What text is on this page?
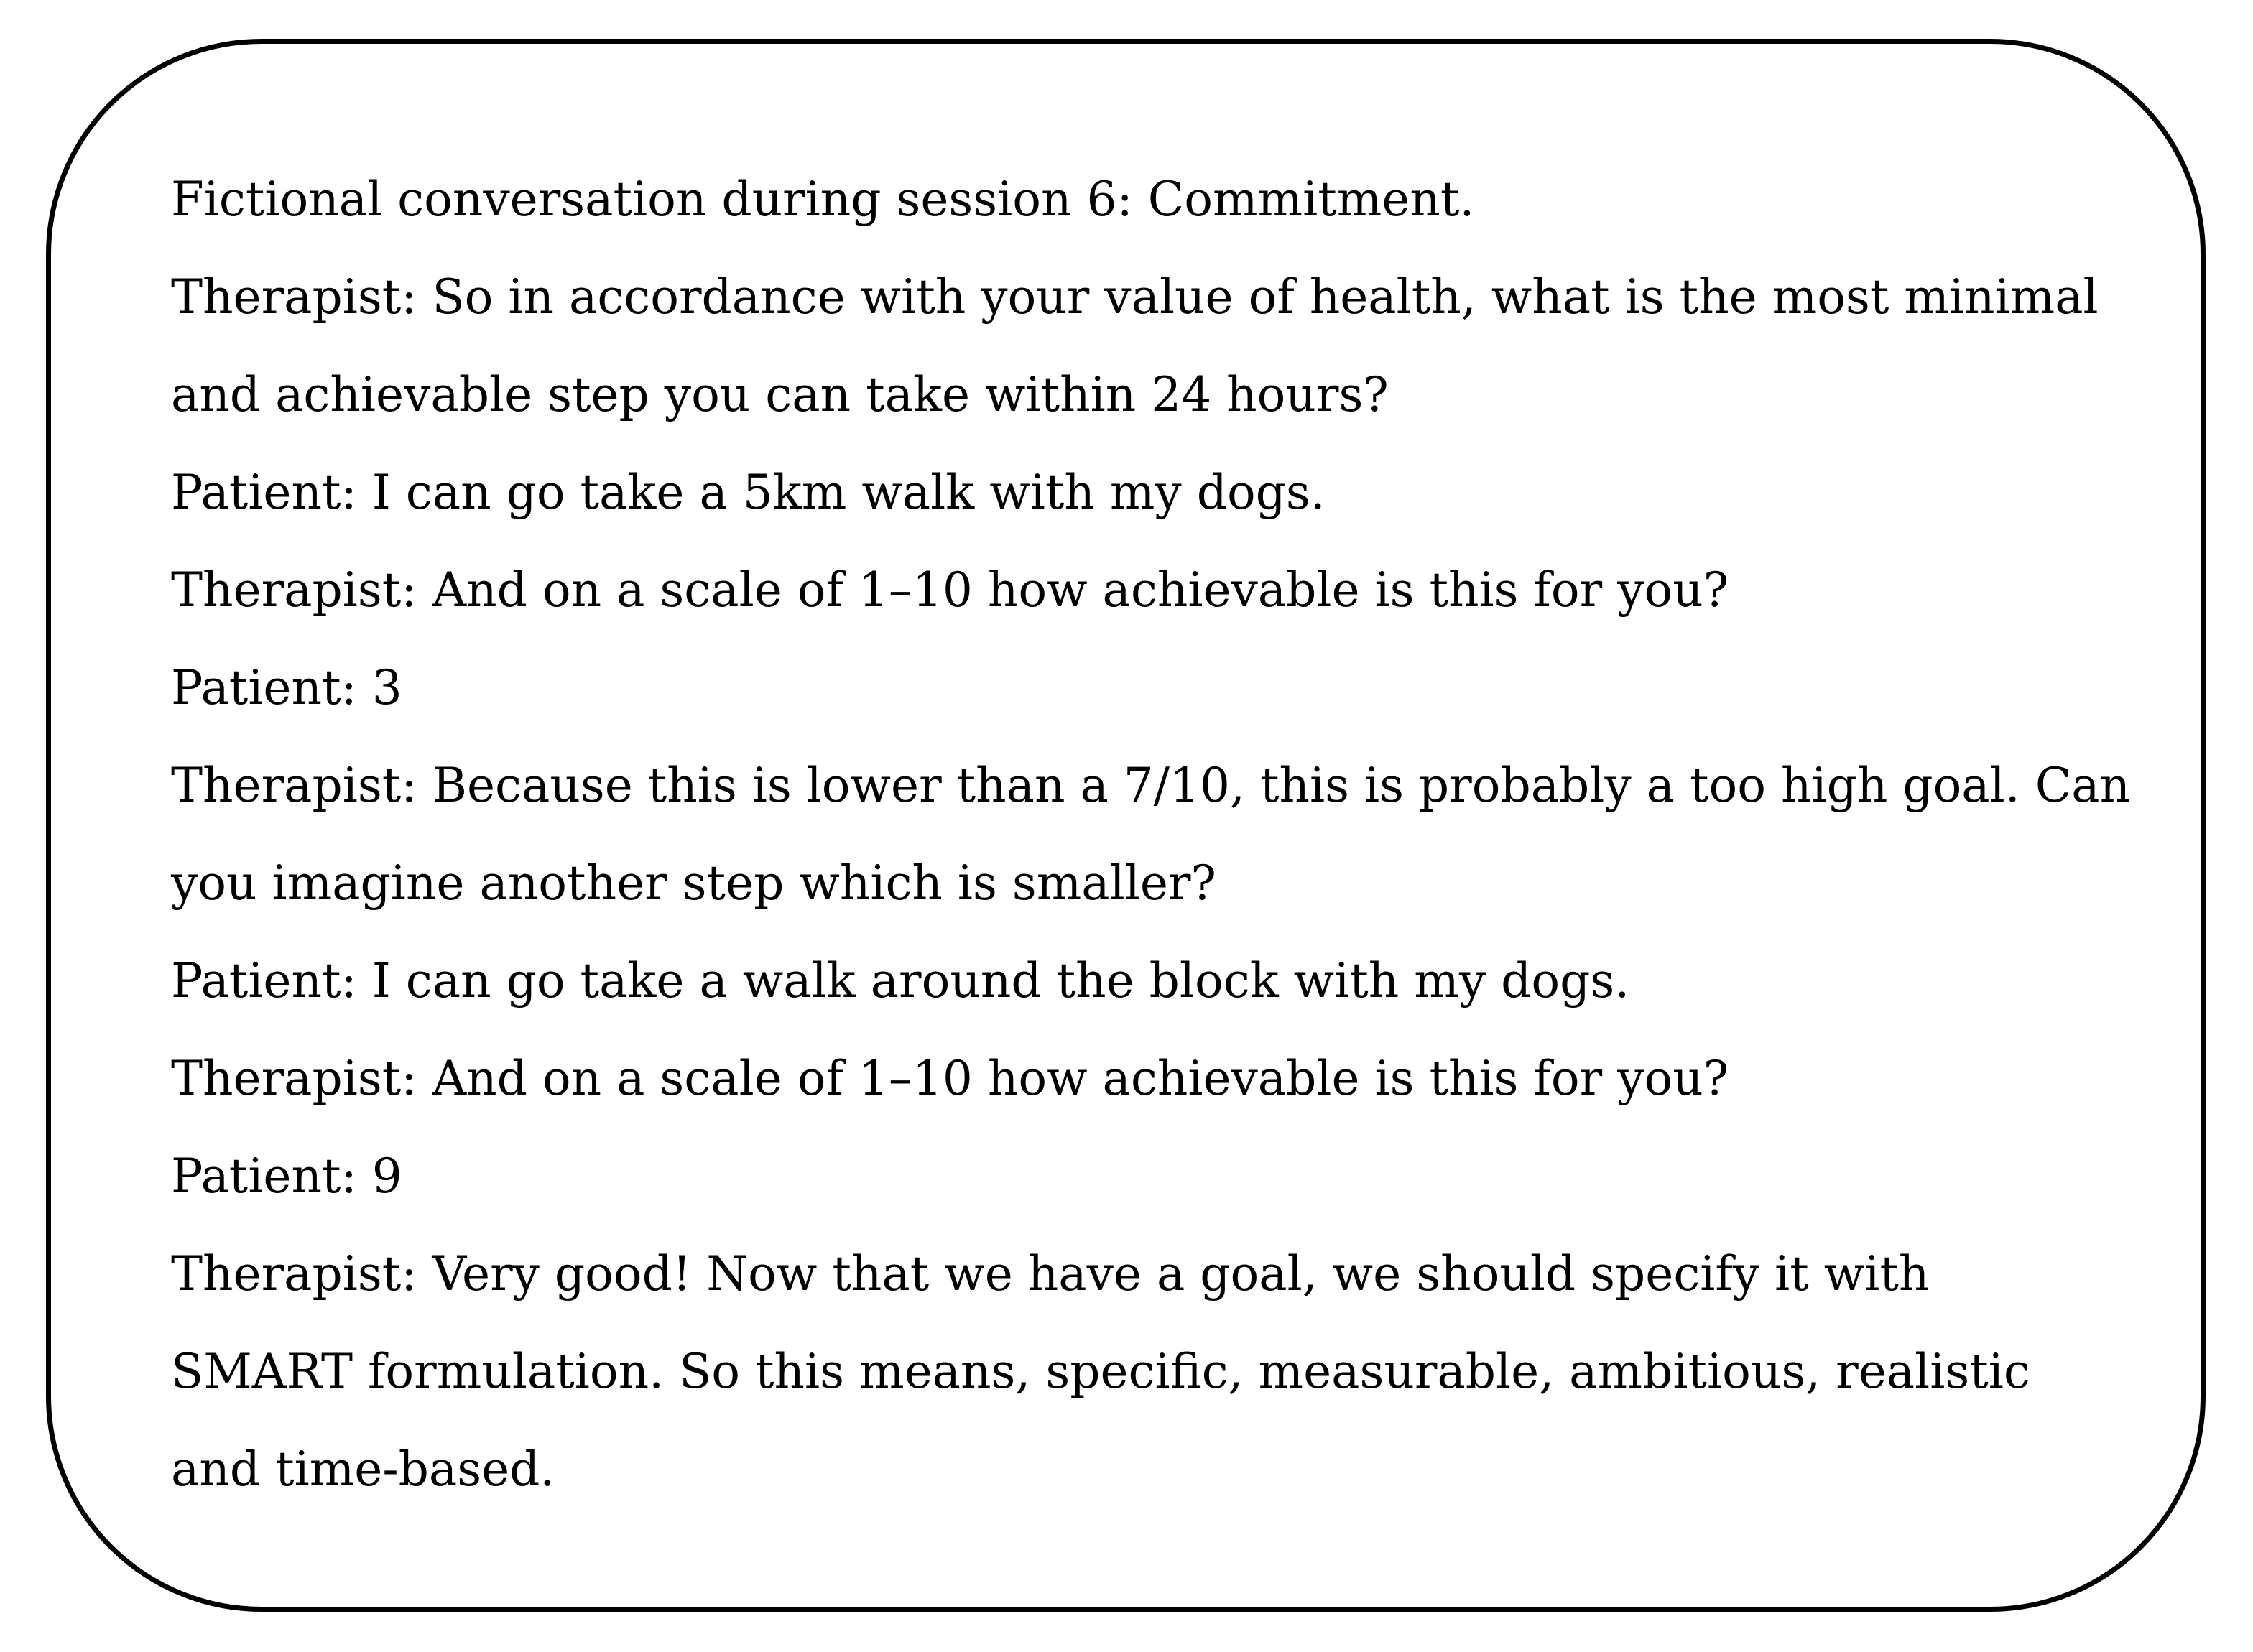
Fictional conversation during session 6: Commitment.

Therapist: So in accordance with your value of health, what is the most minimal

and achievable step you can take within 24 hours?

Patient: I can go take a 5km walk with my dogs.

Therapist: And on a scale of 1–10 how achievable is this for you?

Patient: 3

Therapist: Because this is lower than a 7/10, this is probably a too high goal. Can

you imagine another step which is smaller?

Patient: I can go take a walk around the block with my dogs.

Therapist: And on a scale of 1–10 how achievable is this for you?

Patient: 9

Therapist: Very good! Now that we have a goal, we should specify it with

SMART formulation. So this means, specific, measurable, ambitious, realistic

and time-based.
